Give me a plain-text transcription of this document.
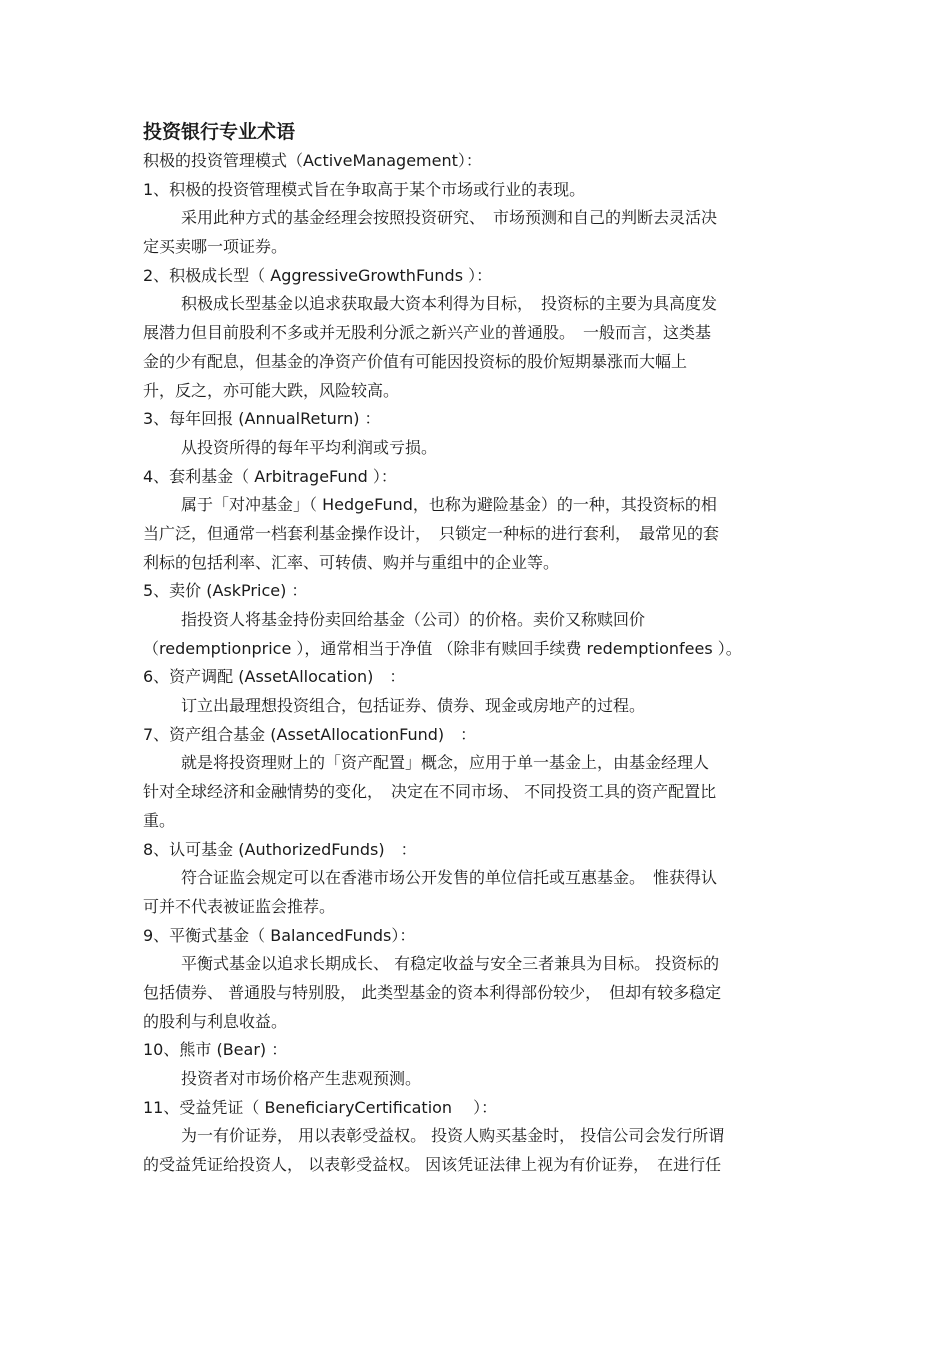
投资银行专业术语

积极的投资管理模式（ActiveManagement）：

1、积极的投资管理模式旨在争取高于某个市场或行业的表现。

采用此种方式的基金经理会按照投资研究、　市场预测和自己的判断去灵活决

定买卖哪一项证券。

2、积极成长型（ AggressiveGrowthFunds ）：

积极成长型基金以追求获取最大资本利得为目标，　投资标的主要为具高度发

展潜力但目前股利不多或并无股利分派之新兴产业的普通股。　一般而言，这类基

金的少有配息，但基金的净资产价值有可能因投资标的股价短期暴涨而大幅上

升，反之，亦可能大跌，风险较高。

3、每年回报 (AnnualReturn) ：

从投资所得的每年平均利润或亏损。

4、套利基金（ ArbitrageFund ）：

属于「对冲基金」（ HedgeFund，也称为避险基金）的一种，其投资标的相

当广泛，但通常一档套利基金操作设计，　只锁定一种标的进行套利，　最常见的套

利标的包括利率、汇率、可转债、购并与重组中的企业等。

5、卖价 (AskPrice) ：

指投资人将基金持份卖回给基金（公司）的价格。卖价又称赎回价

（redemptionprice ），通常相当于净值 （除非有赎回手续费 redemptionfees ）。

6、资产调配 (AssetAllocation)　：

订立出最理想投资组合，包括证券、债券、现金或房地产的过程。

7、资产组合基金 (AssetAllocationFund)　：

就是将投资理财上的「资产配置」概念，应用于单一基金上，由基金经理人

针对全球经济和金融情势的变化，　决定在不同市场、 不同投资工具的资产配置比

重。

8、认可基金 (AuthorizedFunds)　：

符合证监会规定可以在香港市场公开发售的单位信托或互惠基金。　惟获得认

可并不代表被证监会推荐。

9、平衡式基金（ BalancedFunds）：

平衡式基金以追求长期成长、 有稳定收益与安全三者兼具为目标。 投资标的

包括债券、 普通股与特别股， 此类型基金的资本利得部份较少，　但却有较多稳定

的股利与利息收益。

10、熊市 (Bear) ：

投资者对市场价格产生悲观预测。

11、受益凭证（ BeneficiaryCertification　 ）：

为一有价证券， 用以表彰受益权。 投资人购买基金时， 投信公司会发行所谓

的受益凭证给投资人， 以表彰受益权。 因该凭证法律上视为有价证券，　在进行任
